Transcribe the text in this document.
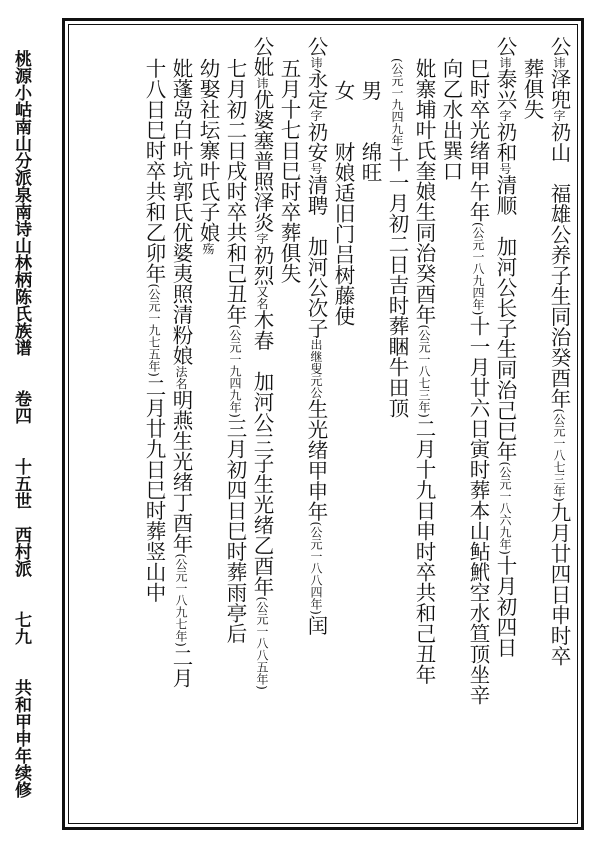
桃源小岵南山分派泉南诗山林柄陈氏族谱 卷四 十五世　西村派 七九 共和甲申年续修
公讳泽兜字礽山　福雄公养子生同治癸酉年(公元一八七三年)九月廿四日申时卒
葬俱失
公讳泰兴字礽和号清顺　加河公长子生同治己巳年(公元一八六九年)十月初四日
巳时卒光绪甲午年(公元一八九四年)十一月廿六日寅时葬本山鲇鮘空水笪顶坐辛
向乙水出巽口
妣寨埔叶氏奎娘生同治癸酉年(公元一八七三年)二月十九日申时卒共和己丑年
(公元一九四九年)十一月初二日吉时葬睏牛田顶
男　　绵旺
女　　财娘适旧门吕树藤使
公讳永定字礽安号清聘　加河公次子出继叟元公生光绪甲申年(公元一八八四年)闰
五月十七日巳时卒葬俱失
公妣讳优婆塞普照泽炎字礽烈又名木春　加河公三子生光绪乙酉年(公元一八八五年)
七月初二日戌时卒共和己丑年(公元一九四九年)三月初四日巳时葬雨亭后
幼娶社坛寨叶氏子娘殇
妣蓬岛白叶坑郭氏优婆夷照清粉娘法名明燕生光绪丁酉年(公元一八九七年)二月
十八日巳时卒共和乙卯年(公元一九七五年)二月廿九日巳时葬竖山中
